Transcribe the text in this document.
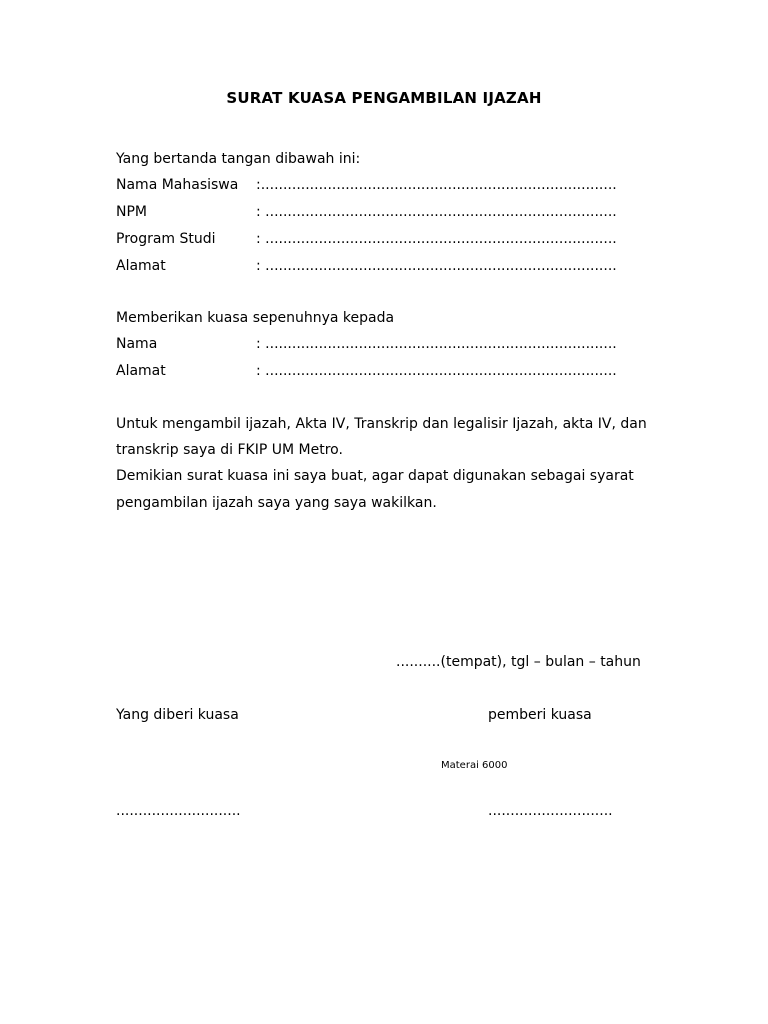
SURAT KUASA PENGAMBILAN IJAZAH
Yang bertanda tangan dibawah ini:
Nama Mahasiswa :................................................................................
NPM	: ...............................................................................
Program Studi	: ...............................................................................
Alamat	: ...............................................................................
Memberikan kuasa sepenuhnya kepada
Nama	: ...............................................................................
Alamat	: ...............................................................................
Untuk mengambil ijazah, Akta IV, Transkrip dan legalisir Ijazah, akta IV, dan
transkrip saya di FKIP UM Metro.
Demikian surat kuasa ini saya buat, agar dapat digunakan sebagai syarat
pengambilan ijazah saya yang saya wakilkan.
..........(tempat), tgl – bulan – tahun
Yang diberi kuasa	pemberi kuasa
Materai 6000
............................	............................
